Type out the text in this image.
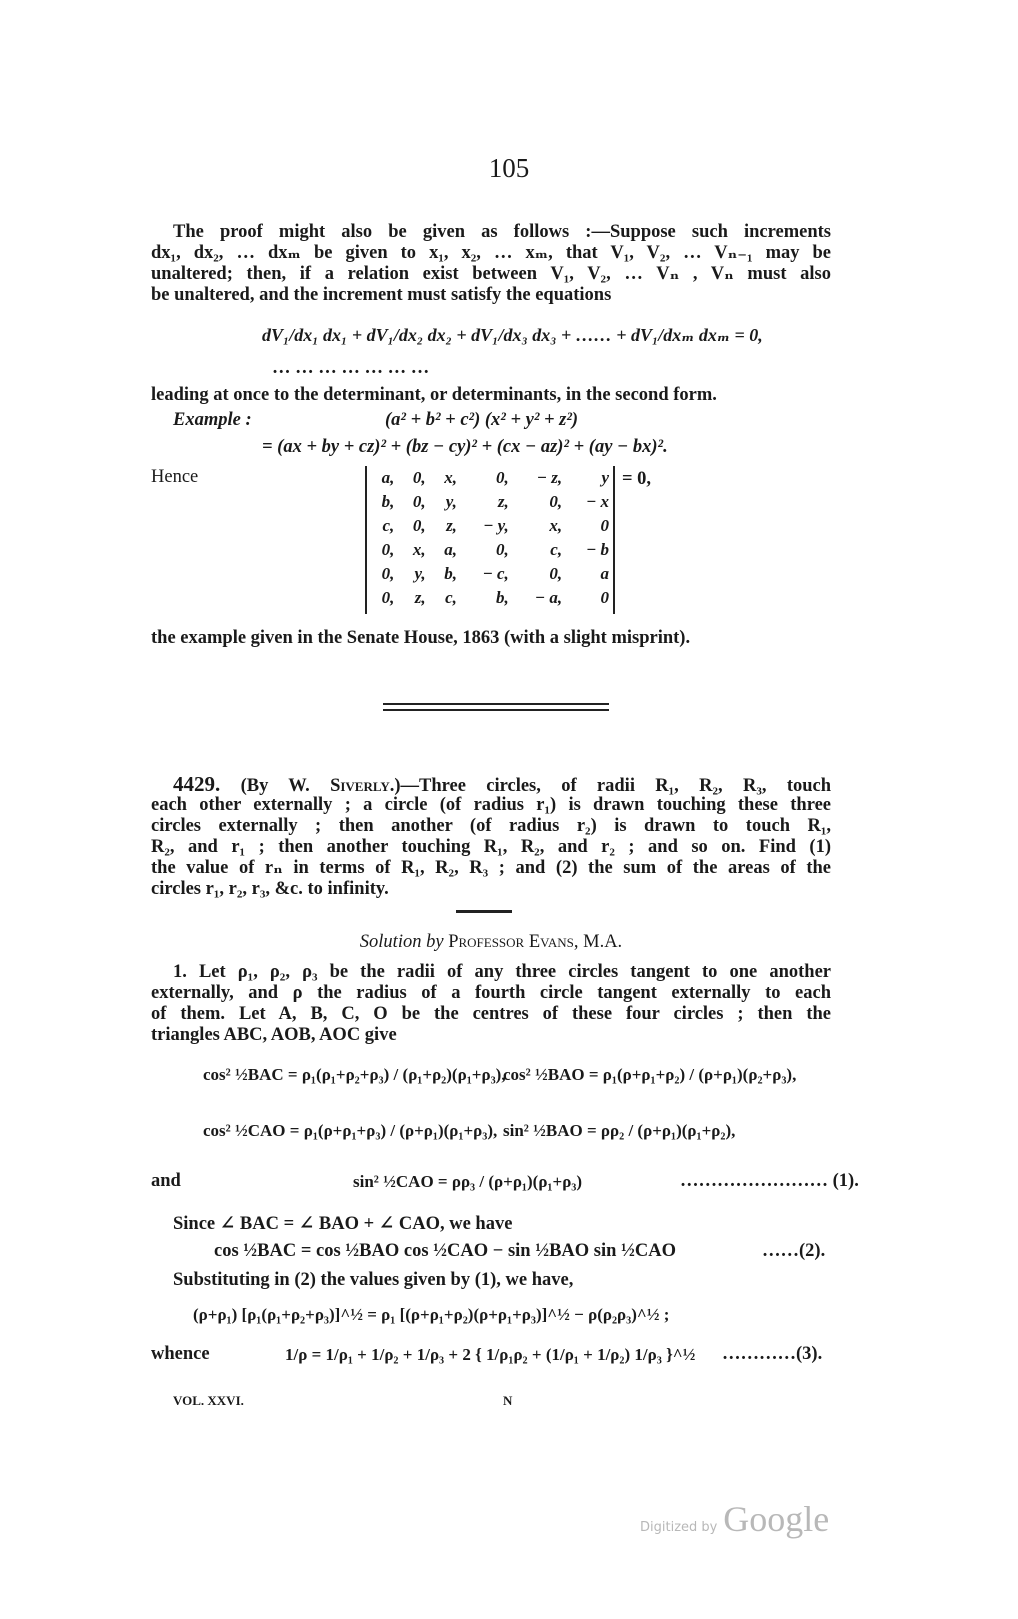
105
The proof might also be given as follows :—Suppose such increments
dx₁, dx₂, … dxₘ be given to x₁, x₂, … xₘ, that V₁, V₂, … Vₙ₋₁ may be
unaltered; then, if a relation exist between V₁, V₂, … Vₙ , Vₙ must also
be unaltered, and the increment must satisfy the equations
dV₁/dx₁ dx₁ + dV₁/dx₂ dx₂ + dV₁/dx₃ dx₃ + …… + dV₁/dxₘ dxₘ = 0,
… … … … … … …
leading at once to the determinant, or determinants, in the second form.
Example :	(a² + b² + c²) (x² + y² + z²)
= (ax + by + cz)² + (bz − cy)² + (cx − az)² + (ay − bx)².
Hence	a,	0,	x,	0,	− z,	y
b,	0,	y,	z,	0,	− x
c,	0,	z,	− y,	x,	0
0,	x,	a,	0,	c,	− b
0,	y,	b,	− c,	0,	a
0,	z,	c,	b,	− a,	0
= 0,
the example given in the Senate House, 1863 (with a slight misprint).
4429. (By W. Siverly.)—Three circles, of radii R₁, R₂, R₃, touch
each other externally ; a circle (of radius r₁) is drawn touching these three
circles externally ; then another (of radius r₂) is drawn to touch R₁,
R₂, and r₁ ; then another touching R₁, R₂, and r₂ ; and so on. Find (1)
the value of rₙ in terms of R₁, R₂, R₃ ; and (2) the sum of the areas of the
circles r₁, r₂, r₃, &c. to infinity.
Solution by Professor Evans, M.A.
1. Let ρ₁, ρ₂, ρ₃ be the radii of any three circles tangent to one another
externally, and ρ the radius of a fourth circle tangent externally to each
of them. Let A, B, C, O be the centres of these four circles ; then the
triangles ABC, AOB, AOC give
cos² ½BAC = ρ₁(ρ₁+ρ₂+ρ₃) / (ρ₁+ρ₂)(ρ₁+ρ₃),
cos² ½BAO = ρ₁(ρ+ρ₁+ρ₂) / (ρ+ρ₁)(ρ₂+ρ₃),
cos² ½CAO = ρ₁(ρ+ρ₁+ρ₃) / (ρ+ρ₁)(ρ₁+ρ₃), sin² ½BAO = ρρ₂ / (ρ+ρ₁)(ρ₁+ρ₂),
and	sin² ½CAO = ρρ₃ / (ρ+ρ₁)(ρ₁+ρ₃)	…………………… (1).
Since ∠ BAC = ∠ BAO + ∠ CAO, we have
cos ½BAC = cos ½BAO cos ½CAO − sin ½BAO sin ½CAO	……(2).
Substituting in (2) the values given by (1), we have,
(ρ+ρ₁) [ρ₁(ρ₁+ρ₂+ρ₃)]^½ = ρ₁ [(ρ+ρ₁+ρ₂)(ρ+ρ₁+ρ₃)]^½ − ρ(ρ₂ρ₃)^½ ;
whence	1/ρ = 1/ρ₁ + 1/ρ₂ + 1/ρ₃ + 2 { 1/ρ₁ρ₂ + (1/ρ₁ + 1/ρ₂) 1/ρ₃ }^½ …………(3).
VOL. XXVI.	N
Digitized by Google
